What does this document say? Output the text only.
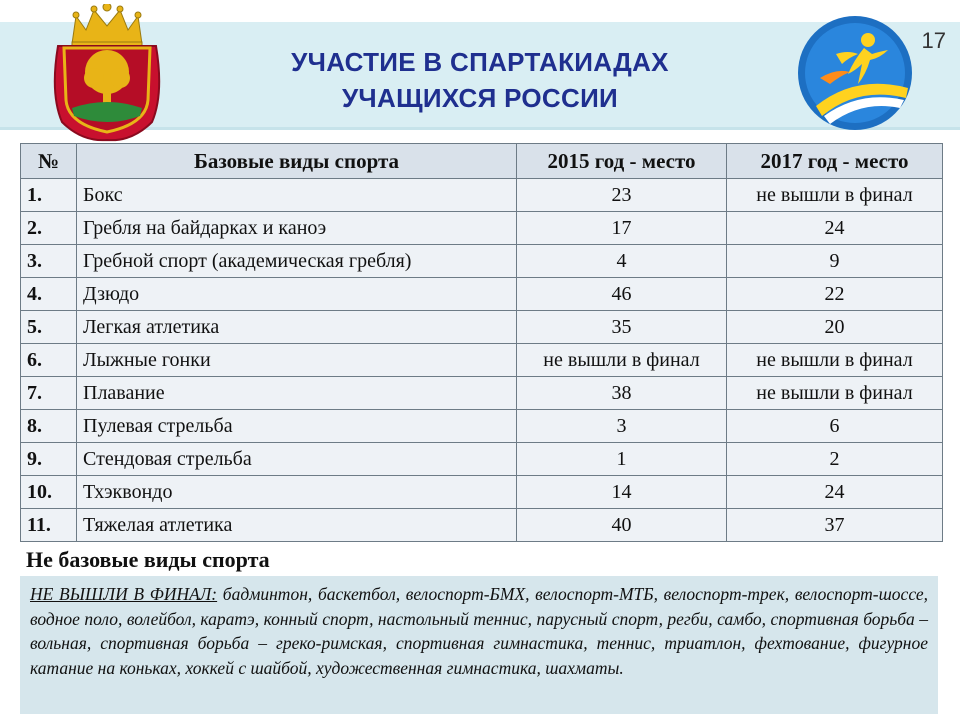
17
УЧАСТИЕ В СПАРТАКИАДАХ
УЧАЩИХСЯ РОССИИ
№	Базовые виды спорта	2015 год - место	2017 год - место
1.	Бокс	23	не вышли в финал
2.	Гребля на байдарках и каноэ	17	24
3.	Гребной спорт (академическая гребля)	4	9
4.	Дзюдо	46	22
5.	Легкая атлетика	35	20
6.	Лыжные гонки	не вышли в финал	не вышли в финал
7.	Плавание	38	не вышли в финал
8.	Пулевая стрельба	3	6
9.	Стендовая стрельба	1	2
10.	Тхэквондо	14	24
11.	Тяжелая атлетика	40	37
Не базовые виды спорта
НЕ ВЫШЛИ В ФИНАЛ: бадминтон, баскетбол, велоспорт-БМХ, велоспорт-МТБ, велоспорт-трек, велоспорт-шоссе, водное поло, волейбол, каратэ, конный спорт, настольный теннис, парусный спорт, регби, самбо, спортивная борьба – вольная, спортивная борьба – греко-римская, спортивная гимнастика, теннис, триатлон, фехтование, фигурное катание на коньках, хоккей с шайбой, художественная гимнастика, шахматы.
